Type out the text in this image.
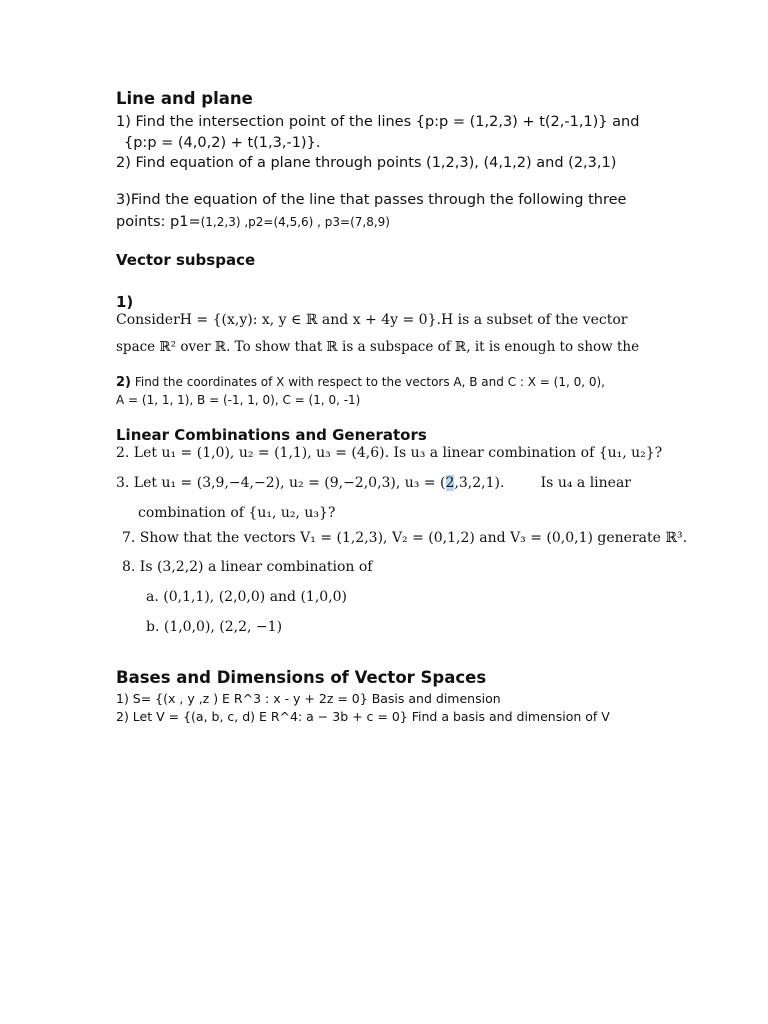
Line and plane
1) Find the intersection point of the lines {p:p = (1,2,3) + t(2,-1,1)} and
{p:p = (4,0,2) + t(1,3,-1)}.
2) Find equation of a plane through points (1,2,3), (4,1,2) and (2,3,1)
3)Find the equation of the line that passes through the following three
points: p1=(1,2,3) ,p2=(4,5,6) , p3=(7,8,9)
Vector subspace
1)
Consider H = {(x,y): x, y ∈ ℝ and x + 4y = 0}. H is a subset of the vector
space ℝ² over ℝ. To show that ℝ is a subspace of ℝ, it is enough to show the
2) Find the coordinates of X with respect to the vectors A, B and C : X = (1, 0, 0),
A = (1, 1, 1), B = (-1, 1, 0), C = (1, 0, -1)
Linear Combinations and Generators
2. Let u₁ = (1,0), u₂ = (1,1), u₃ = (4,6). Is u₃ a linear combination of {u₁, u₂}?
3. Let u₁ = (3,9,−4,−2), u₂ = (9,−2,0,3), u₃ = (2,3,2,1).	Is u₄ a linear
combination of {u₁, u₂, u₃}?
7. Show that the vectors V₁ = (1,2,3), V₂ = (0,1,2) and V₃ = (0,0,1) generate ℝ³.
8. Is (3,2,2) a linear combination of
a. (0,1,1), (2,0,0) and (1,0,0)
b. (1,0,0), (2,2, −1)
Bases and Dimensions of Vector Spaces
1) S= {(x , y ,z ) E R^3 : x - y + 2z = 0} Basis and dimension
2) Let V = {(a, b, c, d) E R^4: a − 3b + c = 0} Find a basis and dimension of V
